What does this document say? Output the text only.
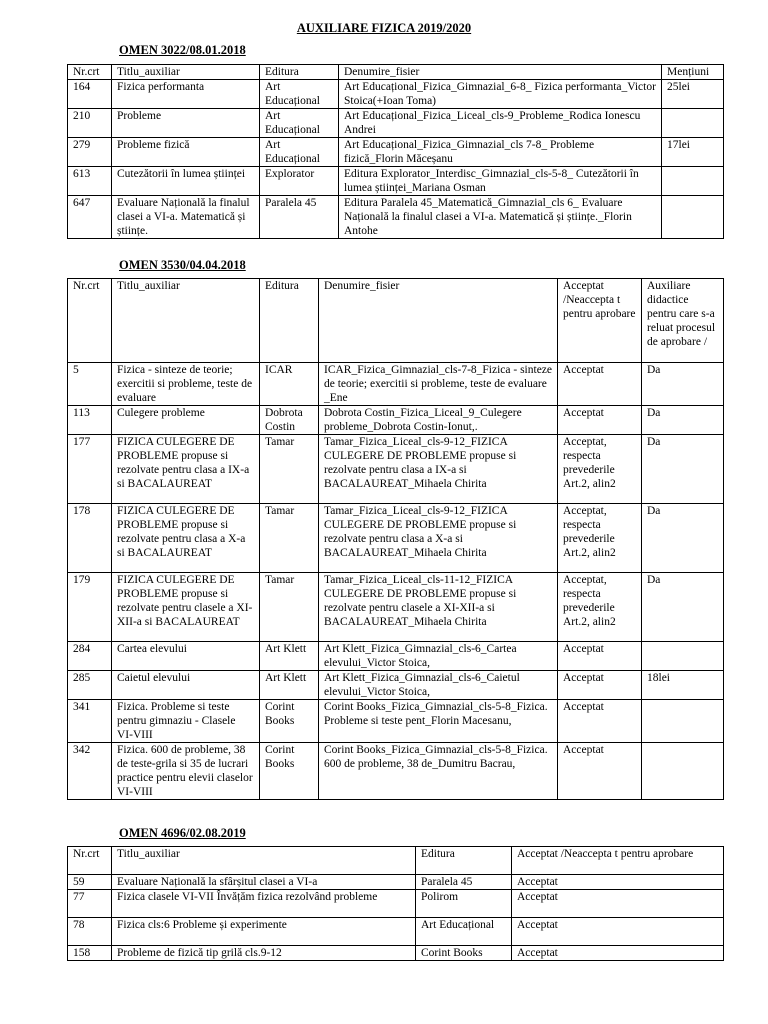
AUXILIARE FIZICA 2019/2020
OMEN 3022/08.01.2018
Nr.crt	Titlu_auxiliar	Editura	Denumire_fisier	Mențiuni
164	Fizica performanta	Art Educațional	Art Educațional_Fizica_Gimnazial_6-8_ Fizica performanta_Victor Stoica(+Ioan Toma)	25lei
210	Probleme	Art Educațional	Art Educațional_Fizica_Liceal_cls-9_Probleme_Rodica Ionescu Andrei	
279	Probleme fizică	Art Educațional	Art Educațional_Fizica_Gimnazial_cls 7-8_ Probleme fizică_Florin Măceșanu	17lei
613	Cutezătorii în lumea științei	Explorator	Editura Explorator_Interdisc_Gimnazial_cls-5-8_ Cutezătorii în lumea științei_Mariana Osman	
647	Evaluare Națională la finalul clasei a VI-a. Matematică și științe.	Paralela 45	Editura Paralela 45_Matematică_Gimnazial_cls 6_ Evaluare Națională la finalul clasei a VI-a. Matematică și științe._Florin Antohe	
OMEN 3530/04.04.2018
Nr.crt	Titlu_auxiliar	Editura	Denumire_fisier	Acceptat /Neaccepta t pentru aprobare	Auxiliare didactice pentru care s-a reluat procesul de aprobare /
5	Fizica - sinteze de teorie; exercitii si probleme, teste de evaluare	ICAR	ICAR_Fizica_Gimnazial_cls-7-8_Fizica - sinteze de teorie; exercitii si probleme, teste de evaluare _Ene	Acceptat	Da
113	Culegere probleme	Dobrota Costin	Dobrota Costin_Fizica_Liceal_9_Culegere probleme_Dobrota Costin-Ionut,.	Acceptat	Da
177	FIZICA CULEGERE DE PROBLEME propuse si rezolvate pentru clasa a IX-a si BACALAUREAT	Tamar	Tamar_Fizica_Liceal_cls-9-12_FIZICA CULEGERE DE PROBLEME propuse si rezolvate pentru clasa a IX-a si BACALAUREAT_Mihaela Chirita	Acceptat, respecta prevederile Art.2, alin2	Da
178	FIZICA CULEGERE DE PROBLEME propuse si rezolvate pentru clasa a X-a si BACALAUREAT	Tamar	Tamar_Fizica_Liceal_cls-9-12_FIZICA CULEGERE DE PROBLEME propuse si rezolvate pentru clasa a X-a si BACALAUREAT_Mihaela Chirita	Acceptat, respecta prevederile Art.2, alin2	Da
179	FIZICA CULEGERE DE PROBLEME propuse si rezolvate pentru clasele a XI-XII-a si BACALAUREAT	Tamar	Tamar_Fizica_Liceal_cls-11-12_FIZICA CULEGERE DE PROBLEME propuse si rezolvate pentru clasele a XI-XII-a si BACALAUREAT_Mihaela Chirita	Acceptat, respecta prevederile Art.2, alin2	Da
284	Cartea elevului	Art Klett	Art Klett_Fizica_Gimnazial_cls-6_Cartea elevului_Victor Stoica,	Acceptat	
285	Caietul elevului	Art Klett	Art Klett_Fizica_Gimnazial_cls-6_Caietul elevului_Victor Stoica,	Acceptat	18lei
341	Fizica. Probleme si teste pentru gimnaziu - Clasele VI-VIII	Corint Books	Corint Books_Fizica_Gimnazial_cls-5-8_Fizica. Probleme si teste pent_Florin Macesanu,	Acceptat	
342	Fizica. 600 de probleme, 38 de teste-grila si 35 de lucrari practice pentru elevii claselor VI-VIII	Corint Books	Corint Books_Fizica_Gimnazial_cls-5-8_Fizica. 600 de probleme, 38 de_Dumitru Bacrau,	Acceptat	
OMEN 4696/02.08.2019
Nr.crt	Titlu_auxiliar	Editura	Acceptat /Neaccepta t pentru aprobare
59	Evaluare Națională la sfârșitul clasei a VI-a	Paralela 45	Acceptat
77	Fizica clasele VI-VII Învățăm fizica rezolvând probleme	Polirom	Acceptat
78	Fizica cls:6 Probleme și experimente	Art Educațional	Acceptat
158	Probleme de fizică tip grilă cls.9-12	Corint Books	Acceptat
